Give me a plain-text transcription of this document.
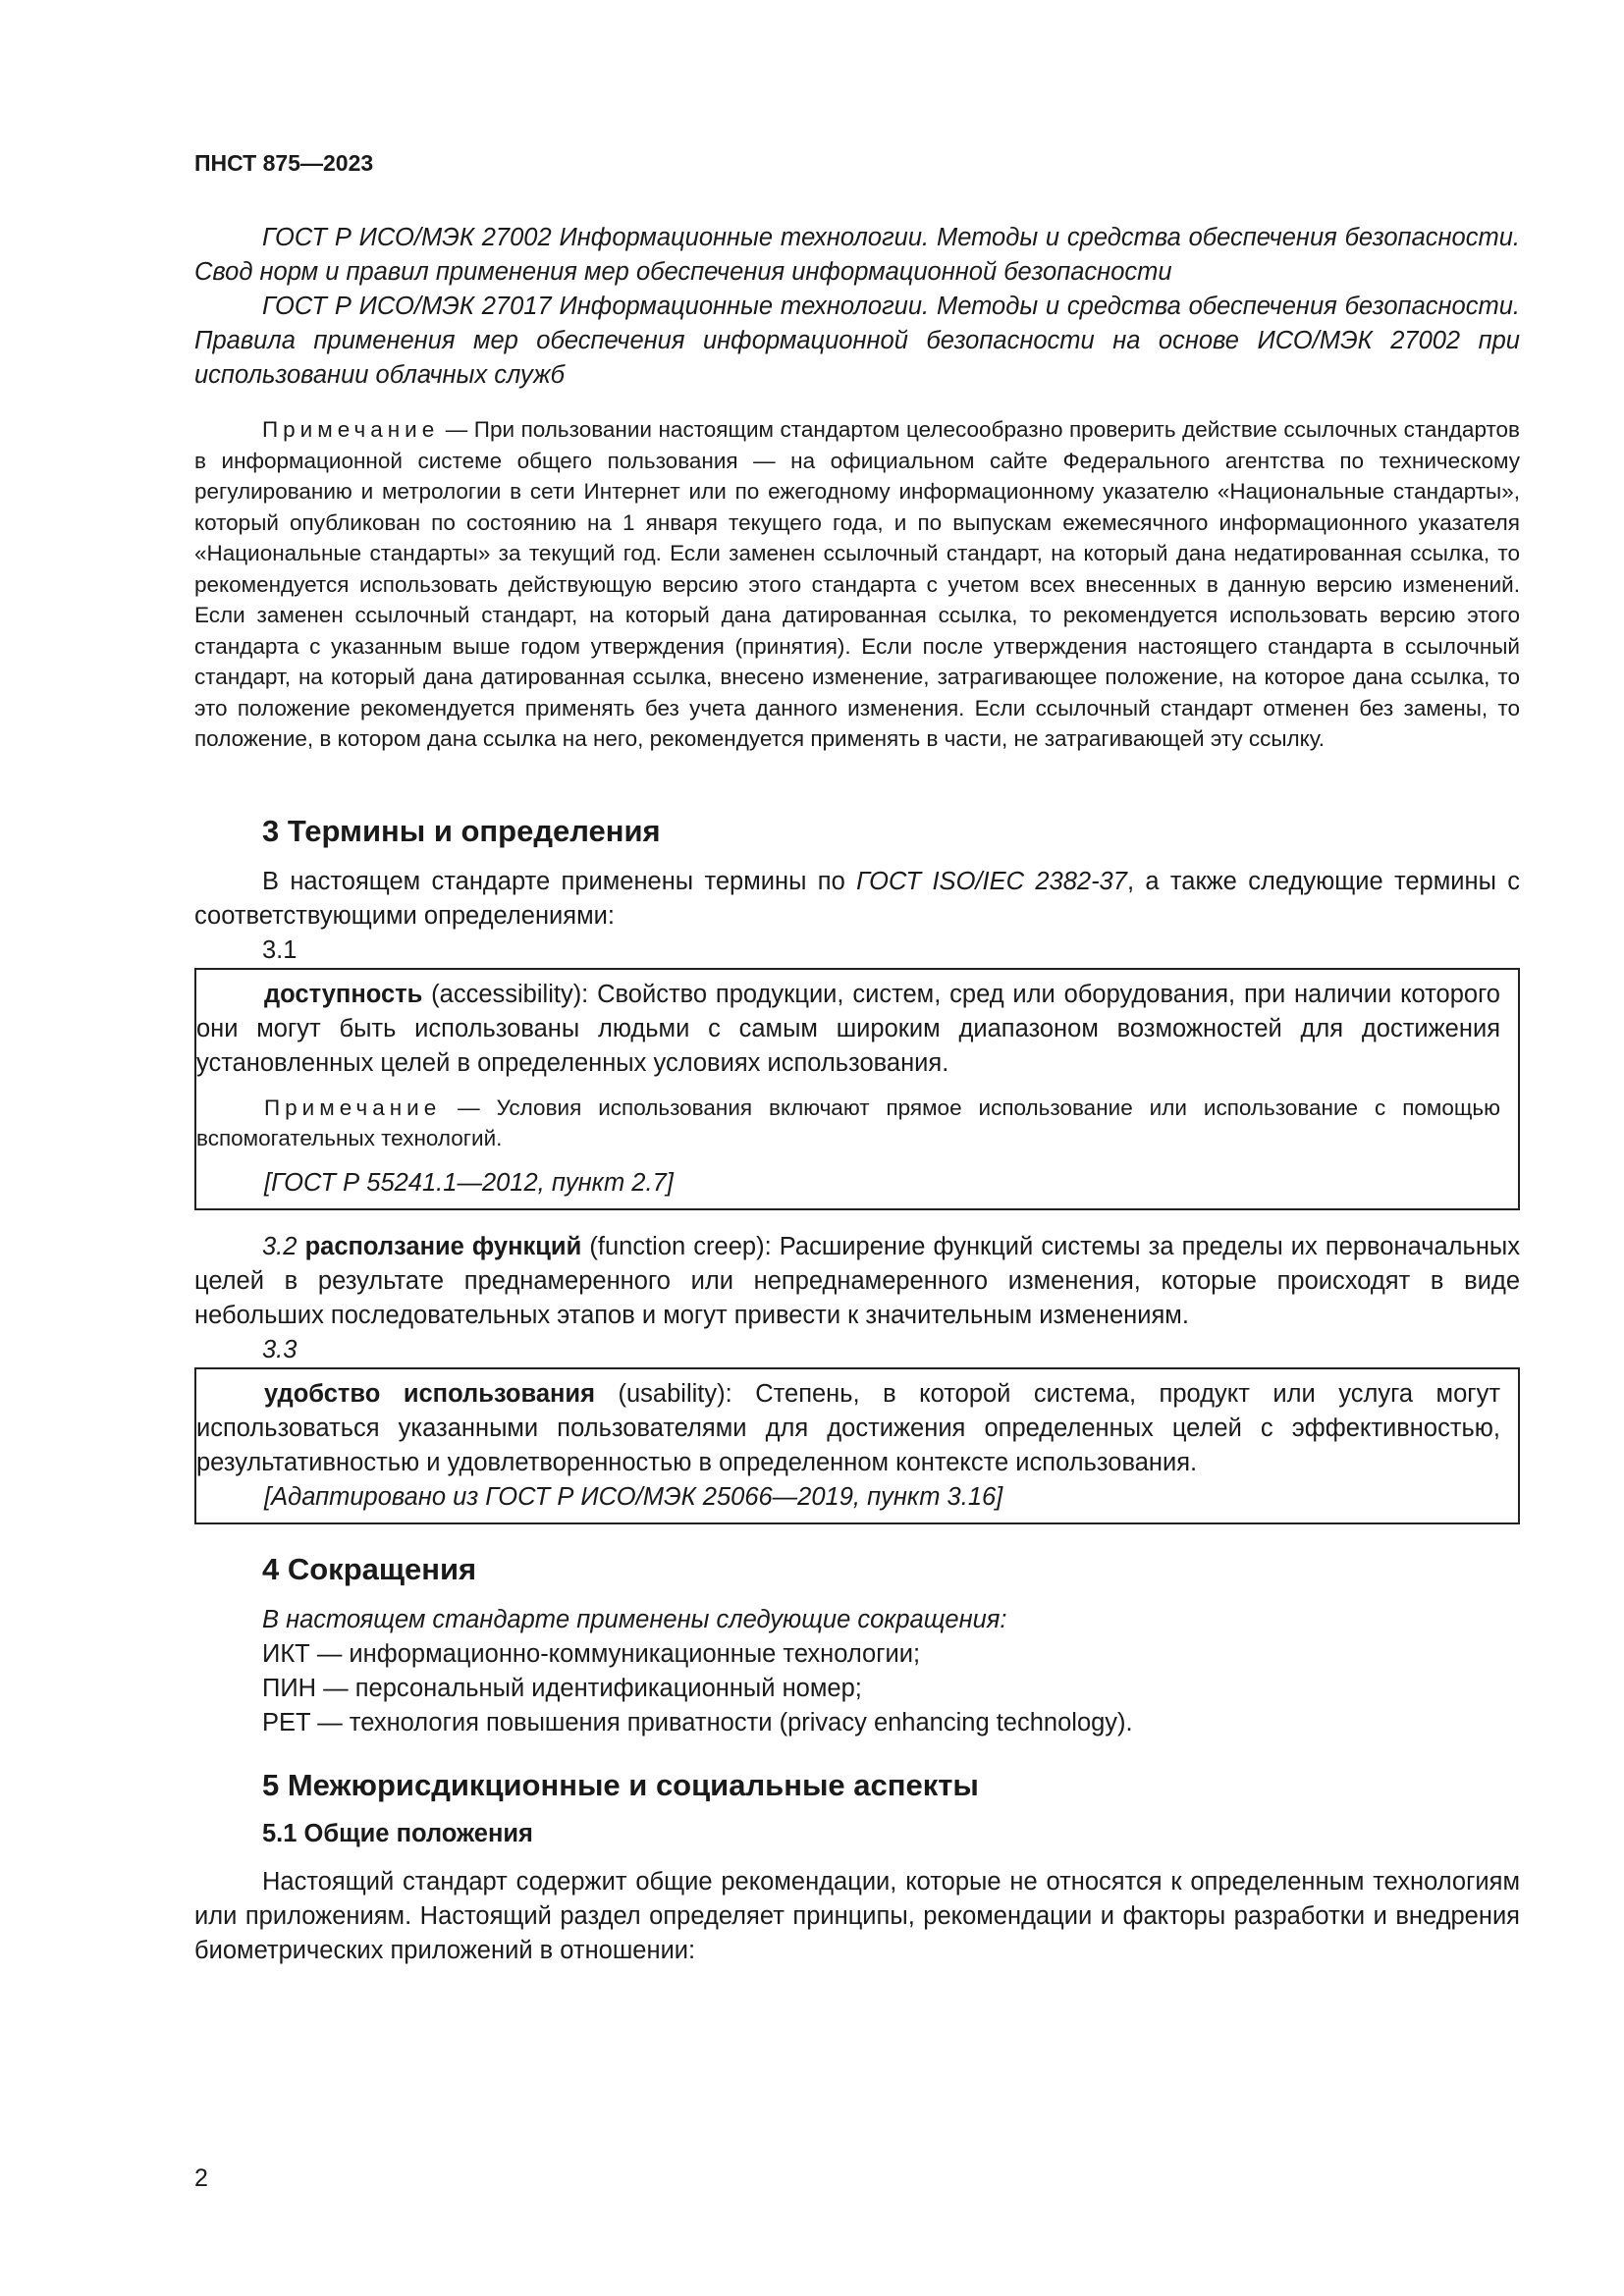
ПНСТ 875—2023

ГОСТ Р ИСО/МЭК 27002 Информационные технологии. Методы и средства обеспечения безопасности. Свод норм и правил применения мер обеспечения информационной безопасности

ГОСТ Р ИСО/МЭК 27017 Информационные технологии. Методы и средства обеспечения безопасности. Правила применения мер обеспечения информационной безопасности на основе ИСО/МЭК 27002 при использовании облачных служб

Примечание — При пользовании настоящим стандартом целесообразно проверить действие ссылочных стандартов в информационной системе общего пользования — на официальном сайте Федерального агентства по техническому регулированию и метрологии в сети Интернет или по ежегодному информационному указателю «Национальные стандарты», который опубликован по состоянию на 1 января текущего года, и по выпускам ежемесячного информационного указателя «Национальные стандарты» за текущий год. Если заменен ссылочный стандарт, на который дана недатированная ссылка, то рекомендуется использовать действующую версию этого стандарта с учетом всех внесенных в данную версию изменений. Если заменен ссылочный стандарт, на который дана датированная ссылка, то рекомендуется использовать версию этого стандарта с указанным выше годом утверждения (принятия). Если после утверждения настоящего стандарта в ссылочный стандарт, на который дана датированная ссылка, внесено изменение, затрагивающее положение, на которое дана ссылка, то это положение рекомендуется применять без учета данного изменения. Если ссылочный стандарт отменен без замены, то положение, в котором дана ссылка на него, рекомендуется применять в части, не затрагивающей эту ссылку.

3 Термины и определения

В настоящем стандарте применены термины по ГОСТ ISO/IEC 2382-37, а также следующие термины с соответствующими определениями:

3.1

доступность (accessibility): Свойство продукции, систем, сред или оборудования, при наличии которого они могут быть использованы людьми с самым широким диапазоном возможностей для достижения установленных целей в определенных условиях использования.

Примечание — Условия использования включают прямое использование или использование с помощью вспомогательных технологий.

[ГОСТ Р 55241.1—2012, пункт 2.7]

3.2 расползание функций (function creep): Расширение функций системы за пределы их первоначальных целей в результате преднамеренного или непреднамеренного изменения, которые происходят в виде небольших последовательных этапов и могут привести к значительным изменениям.

3.3

удобство использования (usability): Степень, в которой система, продукт или услуга могут использоваться указанными пользователями для достижения определенных целей с эффективностью, результативностью и удовлетворенностью в определенном контексте использования.

[Адаптировано из ГОСТ Р ИСО/МЭК 25066—2019, пункт 3.16]

4 Сокращения

В настоящем стандарте применены следующие сокращения:

ИКТ — информационно-коммуникационные технологии;

ПИН — персональный идентификационный номер;

PET — технология повышения приватности (privacy enhancing technology).

5 Межюрисдикционные и социальные аспекты
5.1 Общие положения

Настоящий стандарт содержит общие рекомендации, которые не относятся к определенным технологиям или приложениям. Настоящий раздел определяет принципы, рекомендации и факторы разработки и внедрения биометрических приложений в отношении:

2
